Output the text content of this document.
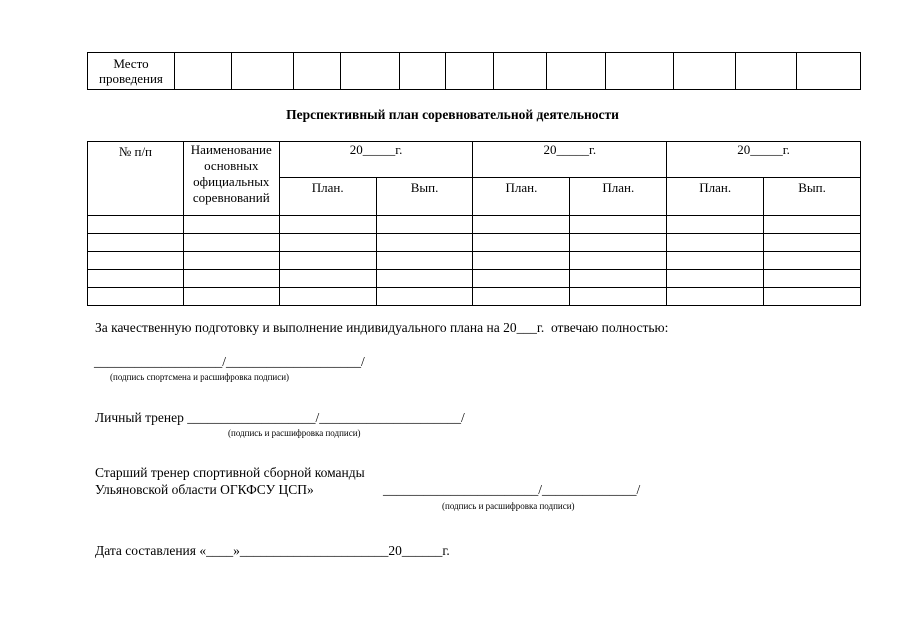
Место
проведения												
Перспективный план соревновательной деятельности
№ п/п	Наименование основных официальных соревнований	20_____г.		20_____г.		20_____г.	
		План.	Вып.	План.	План.	План.	Вып.

За качественную подготовку и выполнение индивидуального плана на 20___г.  отвечаю полностью:
___________________/____________________/
(подпись спортсмена и расшифровка подписи)
Личный тренер ___________________/_____________________/
(подпись и расшифровка подписи)
Старший тренер спортивной сборной команды
Ульяновской области ОГКФСУ ЦСП»	_______________________/______________/
(подпись и расшифровка подписи)
Дата составления «____»______________________20______г.
